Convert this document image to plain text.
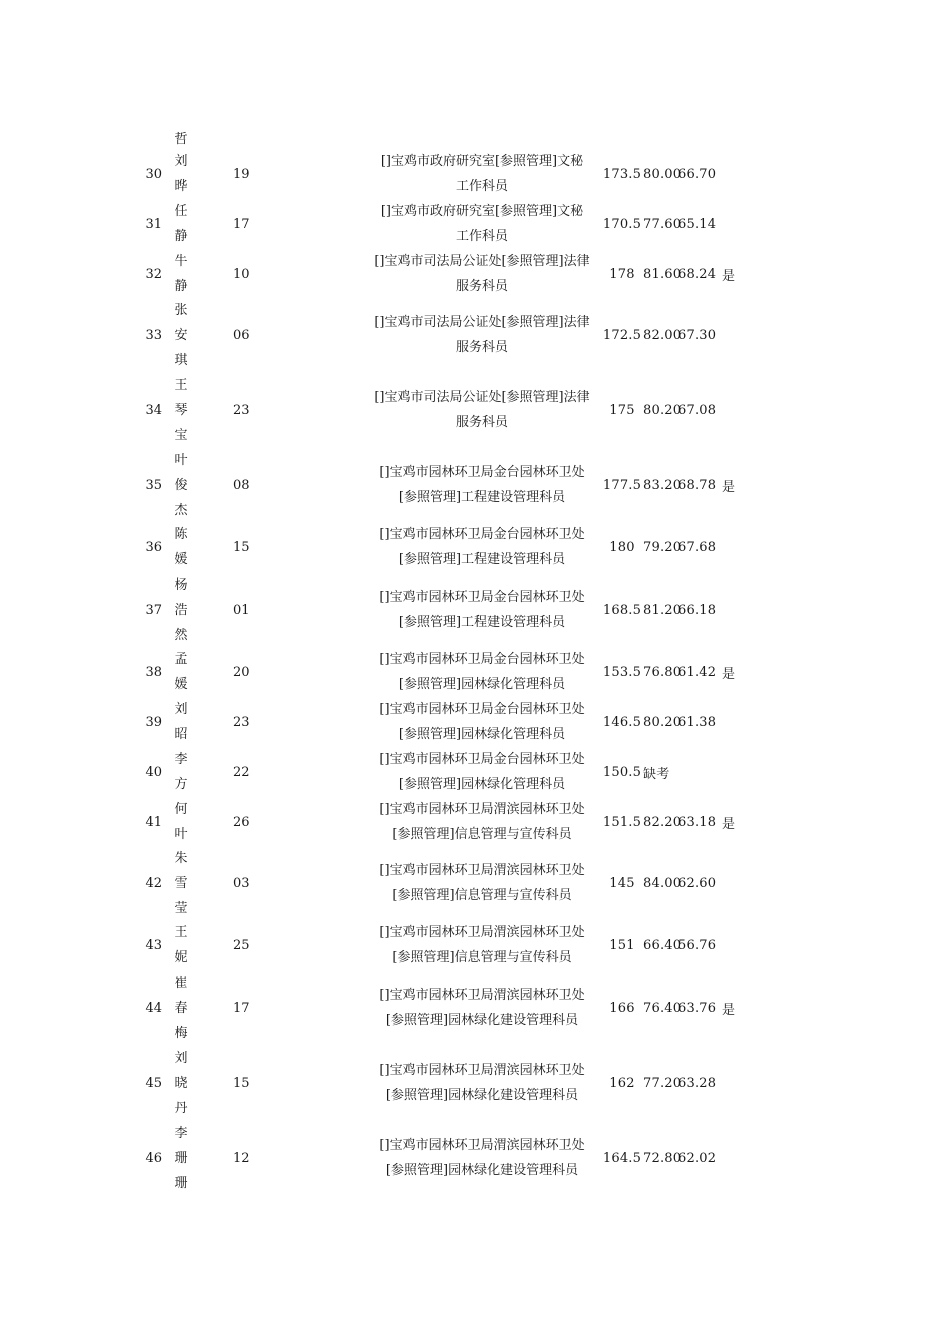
哲
30
刘
晔
19
[]宝鸡市政府研究室[参照管理]文秘
工作科员
173.5 80.00
66.70
31
任
静
17
[]宝鸡市政府研究室[参照管理]文秘
工作科员
170.5 77.60
65.14
32
牛
静
10
[]宝鸡市司法局公证处[参照管理]法律
服务科员
178 81.60
68.24 是
33
张
安
琪
06
[]宝鸡市司法局公证处[参照管理]法律
服务科员
172.5 82.00
67.30
34
王
琴
宝
23
[]宝鸡市司法局公证处[参照管理]法律
服务科员
175 80.20
67.08
35
叶
俊
杰
08
[]宝鸡市园林环卫局金台园林环卫处
[参照管理]工程建设管理科员
177.5 83.20
68.78 是
36
陈
媛
15
[]宝鸡市园林环卫局金台园林环卫处
[参照管理]工程建设管理科员
180 79.20
67.68
37
杨
浩
然
01
[]宝鸡市园林环卫局金台园林环卫处
[参照管理]工程建设管理科员
168.5 81.20
66.18
38
孟
媛
20
[]宝鸡市园林环卫局金台园林环卫处
[参照管理]园林绿化管理科员
153.5 76.80
61.42 是
39
刘
昭
23
[]宝鸡市园林环卫局金台园林环卫处
[参照管理]园林绿化管理科员
146.5 80.20
61.38
40
李
方
22
[]宝鸡市园林环卫局金台园林环卫处
[参照管理]园林绿化管理科员
150.5 缺考
41
何
叶
26
[]宝鸡市园林环卫局渭滨园林环卫处
[参照管理]信息管理与宣传科员
151.5 82.20
63.18 是
42
朱
雪
莹
03
[]宝鸡市园林环卫局渭滨园林环卫处
[参照管理]信息管理与宣传科员
145 84.00
62.60
43
王
妮
25
[]宝鸡市园林环卫局渭滨园林环卫处
[参照管理]信息管理与宣传科员
151 66.40
56.76
44
崔
春
梅
17
[]宝鸡市园林环卫局渭滨园林环卫处
[参照管理]园林绿化建设管理科员
166 76.40
63.76 是
45
刘
晓
丹
15
[]宝鸡市园林环卫局渭滨园林环卫处
[参照管理]园林绿化建设管理科员
162 77.20
63.28
46
李
珊
珊
12
[]宝鸡市园林环卫局渭滨园林环卫处
[参照管理]园林绿化建设管理科员
164.5 72.80
62.02
